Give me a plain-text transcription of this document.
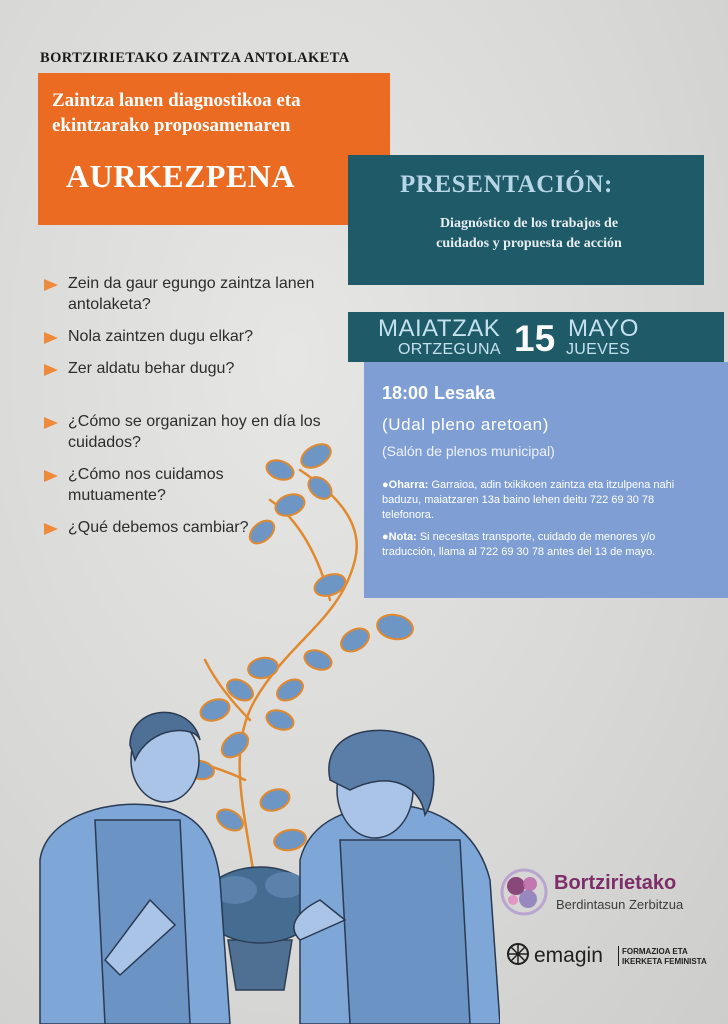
BORTZIRIETAKO ZAINTZA ANTOLAKETA
Zaintza lanen diagnostikoa eta
ekintzarako proposamenaren
AURKEZPENA	PRESENTACIÓN:
Diagnóstico de los trabajos de
cuidados y propuesta de acción
Zein da gaur egungo zaintza lanen antolaketa?
Nola zaintzen dugu elkar?
Zer aldatu behar dugu?
¿Cómo se organizan hoy en día los cuidados?
¿Cómo nos cuidamos mutuamente?
¿Qué debemos cambiar?
MAIATZAK
ORTZEGUNA 15 MAYO
JUEVES
18:00 Lesaka
(Udal pleno aretoan)
(Salón de plenos municipal)
●Oharra: Garraioa, adin txikikoen zaintza eta itzulpena nahi baduzu, maiatzaren 13a baino lehen deitu 722 69 30 78 telefonora.
●Nota: Si necesitas transporte, cuidado de menores y/o traducción, llama al 722 69 30 78 antes del 13 de mayo.
Bortzirietako
Berdintasun Zerbitzua
emagin FORMAZIOA ETA
IKERKETA FEMINISTA
